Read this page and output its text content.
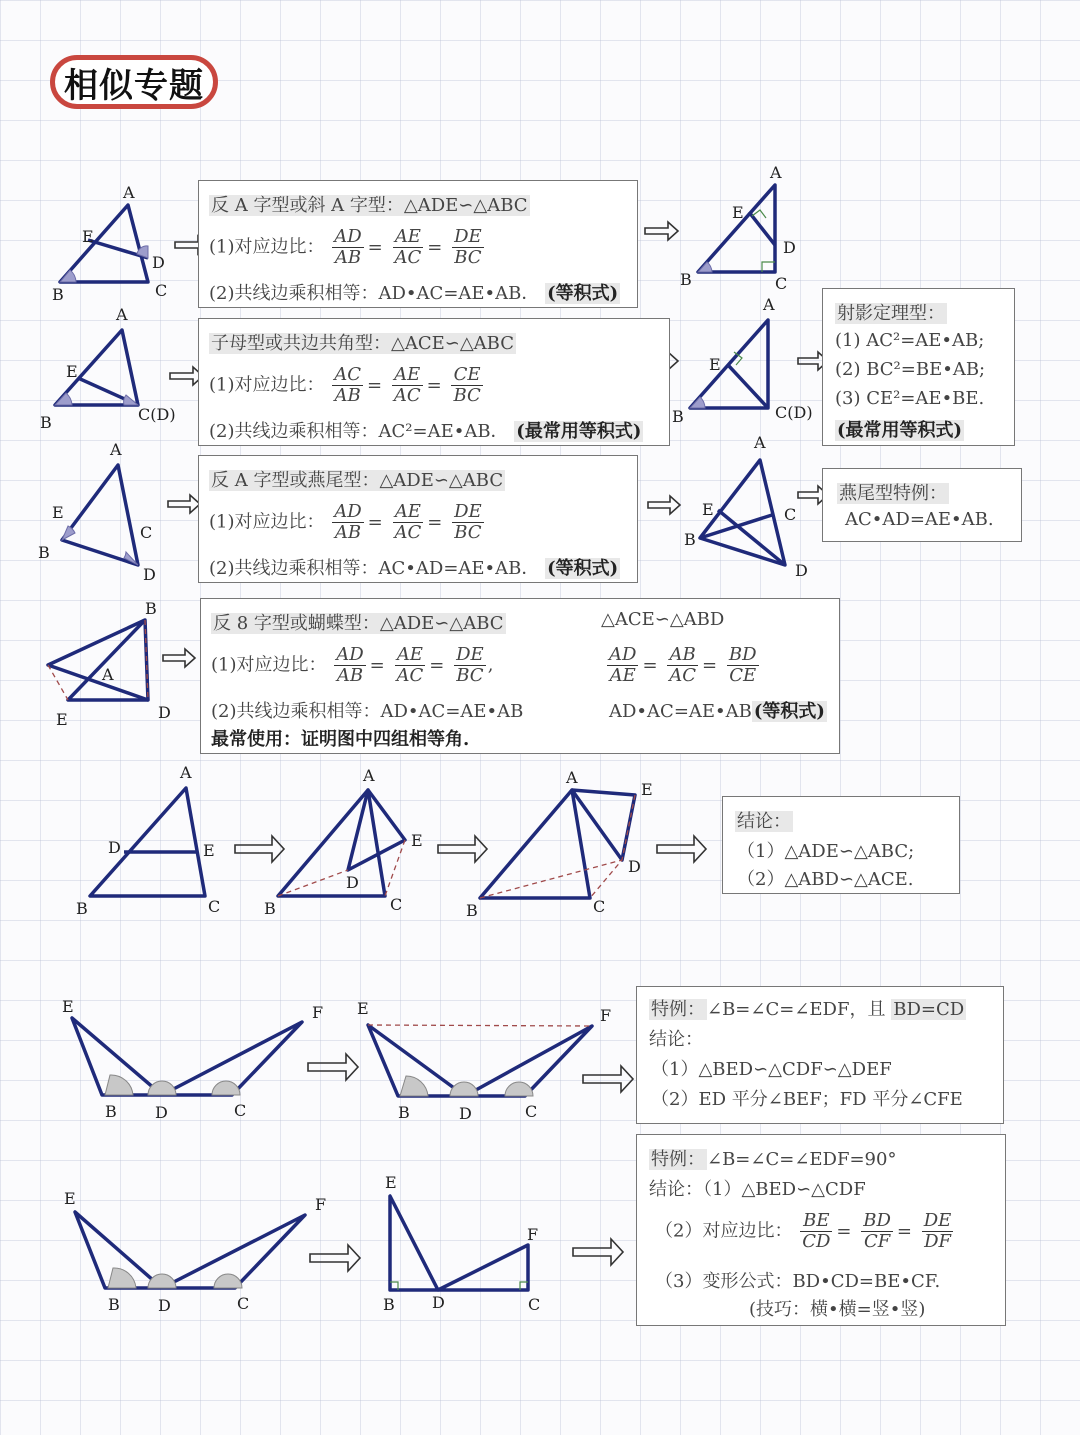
相似专题
A
E
D
B	C
A
E
D
B	C
A
E
B	C(D)
A
E
B	C(D)
A
E
C
B
D
A
E	C
B
D
B
A
E	D
A
D	E
B	C
A
E
D
B	C
A
E
D
B	C
E	F
B D	C
E	F
B	D	C
E	F
B D	C
E
F
B D	C
反 A 字型或斜 A 字型：△ADE∽△ABC
(1)对应边比： $\frac{AD}{AB} = \frac{AE}{AC} = \frac{DE}{BC}$
(2)共线边乘积相等：AD•AC=AE•AB． (等积式)
子母型或共边共角型：△ACE∽△ABC
(1)对应边比： $\frac{AC}{AB} = \frac{AE}{AC} = \frac{CE}{BC}$
(2)共线边乘积相等：AC²=AE•AB． (最常用等积式)
射影定理型：
(1) AC²=AE•AB;
(2) BC²=BE•AB;
(3) CE²=AE•BE.
(最常用等积式)
反 A 字型或燕尾型：△ADE∽△ABC
(1)对应边比： $\frac{AD}{AB} = \frac{AE}{AC} = \frac{DE}{BC}$
(2)共线边乘积相等：AC•AD=AE•AB． (等积式)
燕尾型特例：
AC•AD=AE•AB.
反 8 字型或蝴蝶型：△ADE∽△ABC	△ACE∽△ABD
(1)对应边比： $\frac{AD}{AB} = \frac{AE}{AC} = \frac{DE}{BC}$ ,	$\frac{AD}{AE} = \frac{AB}{AC} = \frac{BD}{CE}$
(2)共线边乘积相等：AD•AC=AE•AB	AD•AC=AE•AB (等积式)
最常使用：证明图中四组相等角.
结论：
（1）△ADE∽△ABC;
（2）△ABD∽△ACE.
特例： ∠B=∠C=∠EDF，且 BD=CD
结论：
（1）△BED∽△CDF∽△DEF
（2）ED 平分∠BEF；FD 平分∠CFE
特例： ∠B=∠C=∠EDF=90°
结论：（1）△BED∽△CDF
（2）对应边比： $\frac{BE}{CD} = \frac{BD}{CF} = \frac{DE}{DF}$
（3）变形公式：BD•CD=BE•CF.
(技巧：横•横=竖•竖)
